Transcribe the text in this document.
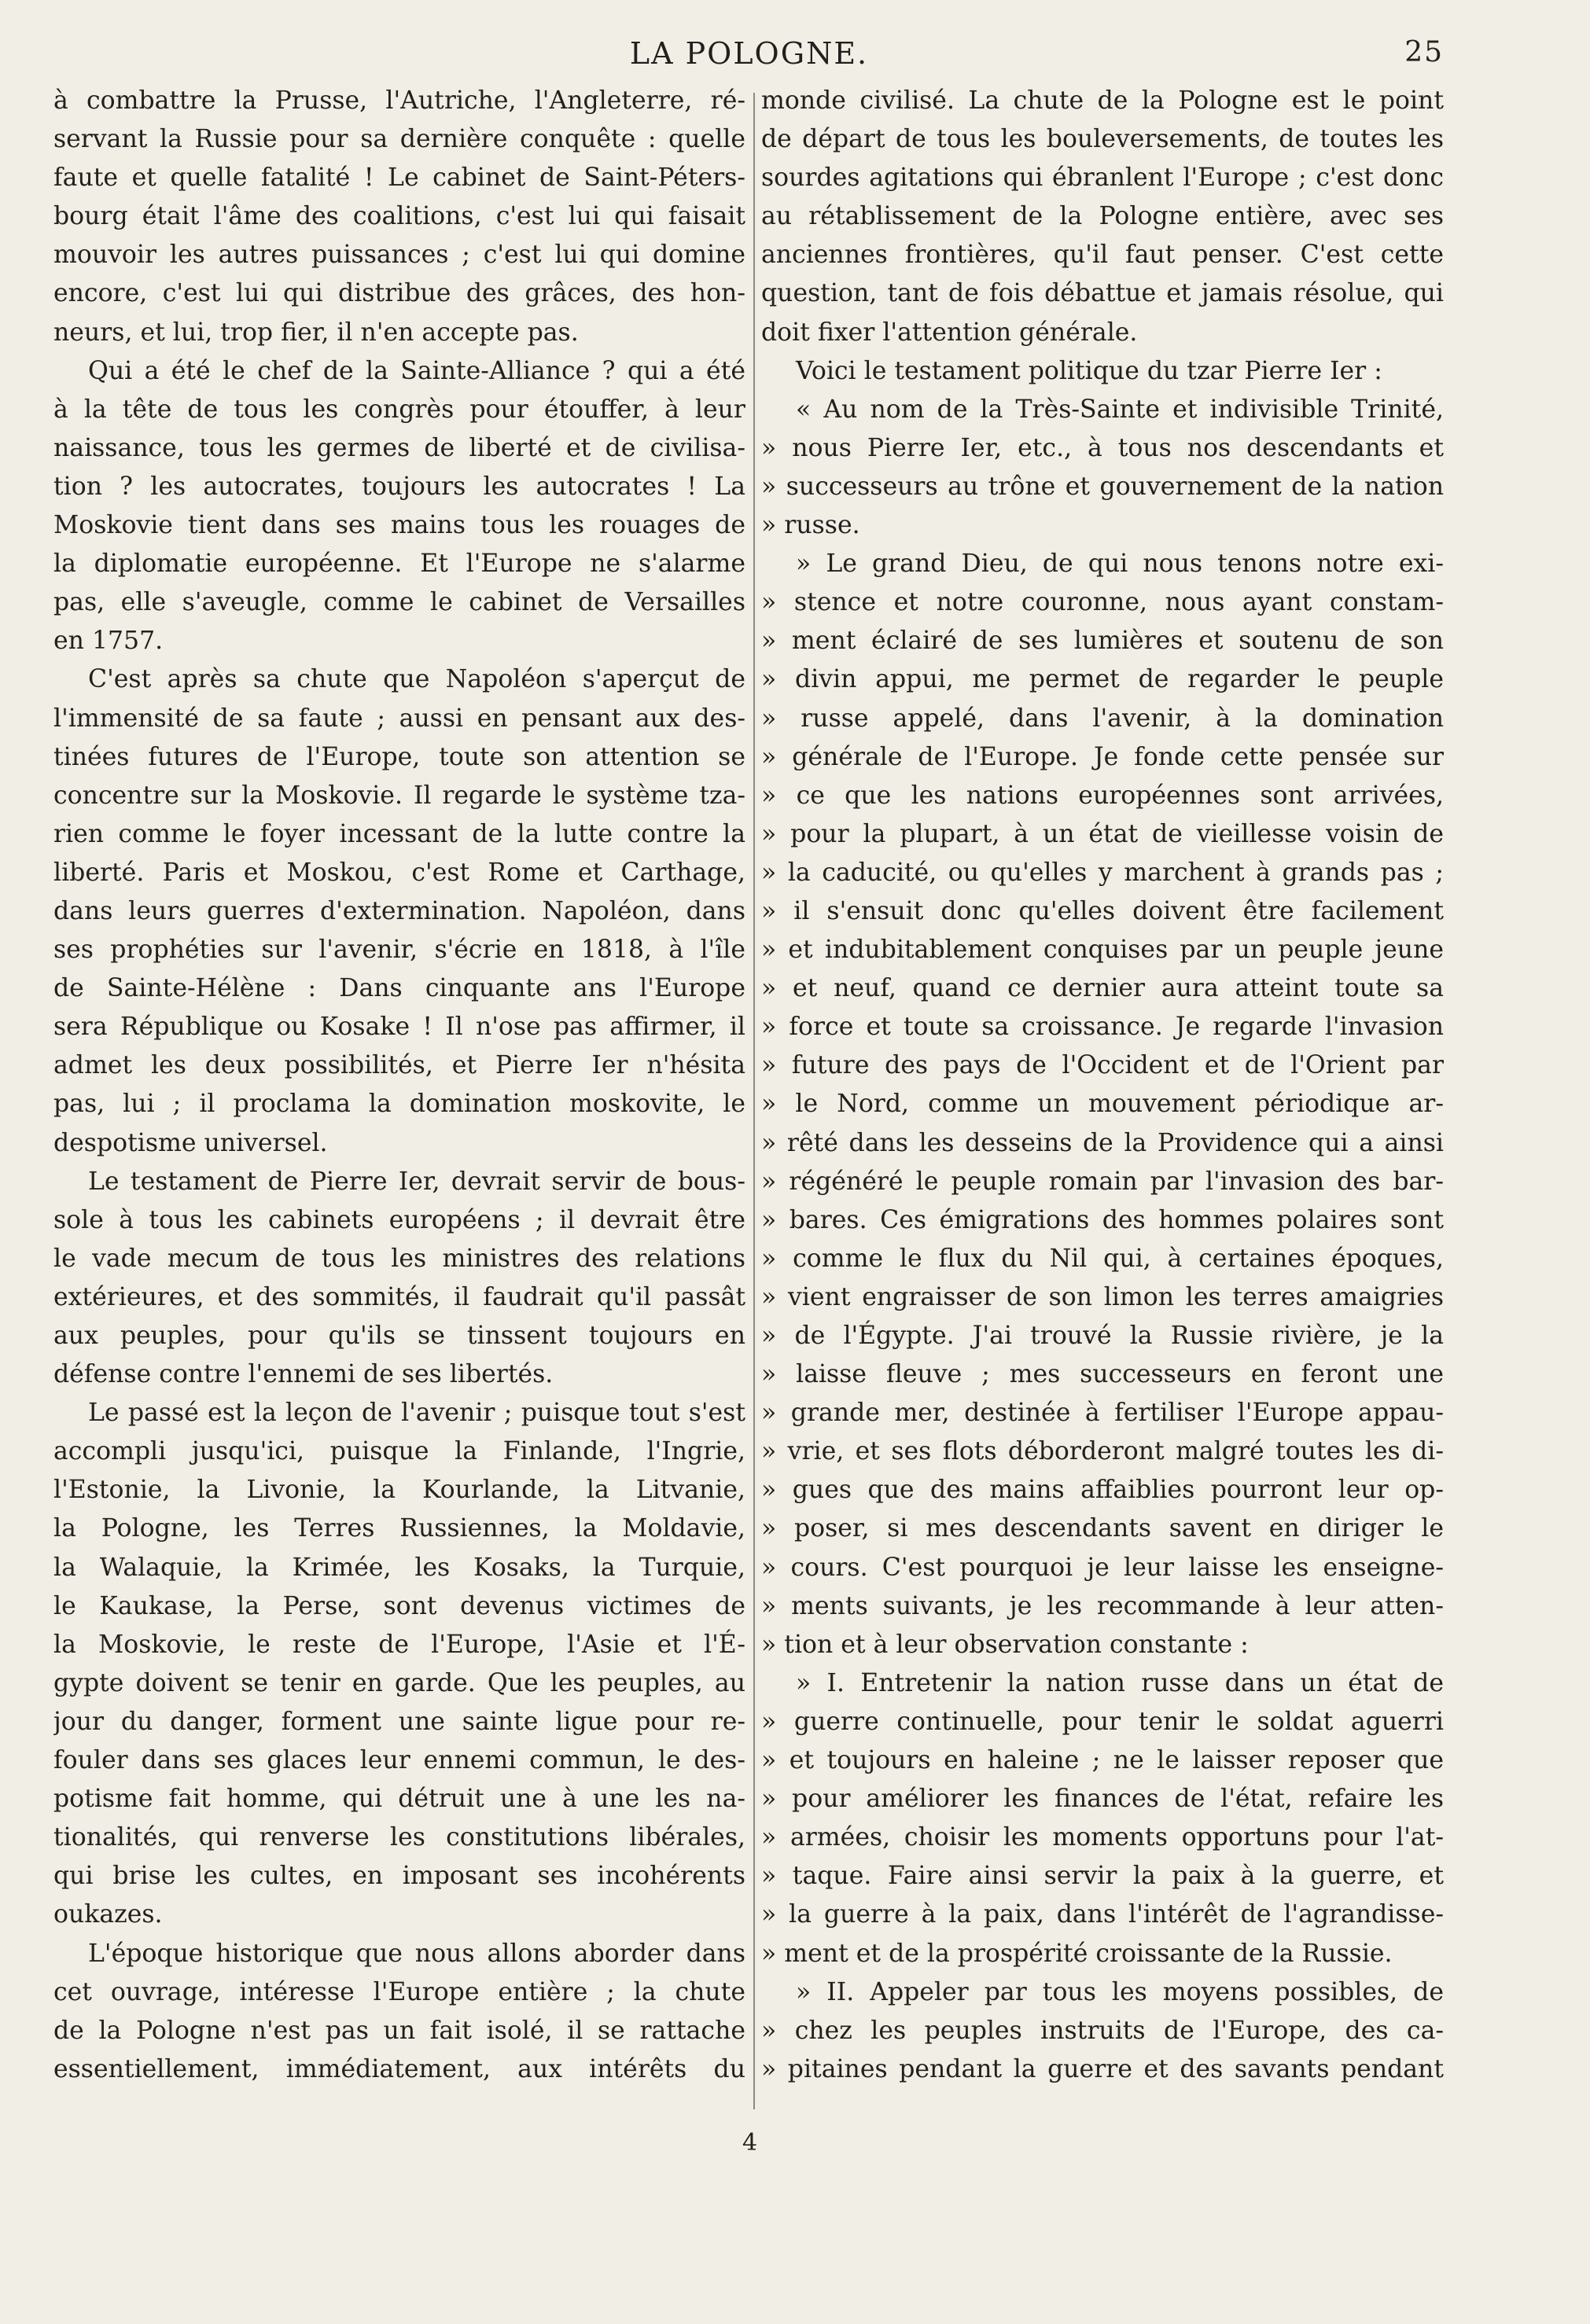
LA POLOGNE.	25
à combattre la Prusse, l'Autriche, l'Angleterre, ré-
servant la Russie pour sa dernière conquête : quelle
faute et quelle fatalité ! Le cabinet de Saint-Péters-
bourg était l'âme des coalitions, c'est lui qui faisait
mouvoir les autres puissances ; c'est lui qui domine
encore, c'est lui qui distribue des grâces, des hon-
neurs, et lui, trop fier, il n'en accepte pas.
Qui a été le chef de la Sainte-Alliance ? qui a été
à la tête de tous les congrès pour étouffer, à leur
naissance, tous les germes de liberté et de civilisa-
tion ? les autocrates, toujours les autocrates ! La
Moskovie tient dans ses mains tous les rouages de
la diplomatie européenne. Et l'Europe ne s'alarme
pas, elle s'aveugle, comme le cabinet de Versailles
en 1757.
C'est après sa chute que Napoléon s'aperçut de
l'immensité de sa faute ; aussi en pensant aux des-
tinées futures de l'Europe, toute son attention se
concentre sur la Moskovie. Il regarde le système tza-
rien comme le foyer incessant de la lutte contre la
liberté. Paris et Moskou, c'est Rome et Carthage,
dans leurs guerres d'extermination. Napoléon, dans
ses prophéties sur l'avenir, s'écrie en 1818, à l'île
de Sainte-Hélène : Dans cinquante ans l'Europe
sera République ou Kosake ! Il n'ose pas affirmer, il
admet les deux possibilités, et Pierre Ier n'hésita
pas, lui ; il proclama la domination moskovite, le
despotisme universel.
Le testament de Pierre Ier, devrait servir de bous-
sole à tous les cabinets européens ; il devrait être
le vade mecum de tous les ministres des relations
extérieures, et des sommités, il faudrait qu'il passât
aux peuples, pour qu'ils se tinssent toujours en
défense contre l'ennemi de ses libertés.
Le passé est la leçon de l'avenir ; puisque tout s'est
accompli jusqu'ici, puisque la Finlande, l'Ingrie,
l'Estonie, la Livonie, la Kourlande, la Litvanie,
la Pologne, les Terres Russiennes, la Moldavie,
la Walaquie, la Krimée, les Kosaks, la Turquie,
le Kaukase, la Perse, sont devenus victimes de
la Moskovie, le reste de l'Europe, l'Asie et l'É-
gypte doivent se tenir en garde. Que les peuples, au
jour du danger, forment une sainte ligue pour re-
fouler dans ses glaces leur ennemi commun, le des-
potisme fait homme, qui détruit une à une les na-
tionalités, qui renverse les constitutions libérales,
qui brise les cultes, en imposant ses incohérents
oukazes.
L'époque historique que nous allons aborder dans
cet ouvrage, intéresse l'Europe entière ; la chute
de la Pologne n'est pas un fait isolé, il se rattache
essentiellement, immédiatement, aux intérêts du
monde civilisé. La chute de la Pologne est le point
de départ de tous les bouleversements, de toutes les
sourdes agitations qui ébranlent l'Europe ; c'est donc
au rétablissement de la Pologne entière, avec ses
anciennes frontières, qu'il faut penser. C'est cette
question, tant de fois débattue et jamais résolue, qui
doit fixer l'attention générale.
Voici le testament politique du tzar Pierre Ier :
« Au nom de la Très-Sainte et indivisible Trinité,
» nous Pierre Ier, etc., à tous nos descendants et
» successeurs au trône et gouvernement de la nation
» russe.
» Le grand Dieu, de qui nous tenons notre exi-
» stence et notre couronne, nous ayant constam-
» ment éclairé de ses lumières et soutenu de son
» divin appui, me permet de regarder le peuple
» russe appelé, dans l'avenir, à la domination
» générale de l'Europe. Je fonde cette pensée sur
» ce que les nations européennes sont arrivées,
» pour la plupart, à un état de vieillesse voisin de
» la caducité, ou qu'elles y marchent à grands pas ;
» il s'ensuit donc qu'elles doivent être facilement
» et indubitablement conquises par un peuple jeune
» et neuf, quand ce dernier aura atteint toute sa
» force et toute sa croissance. Je regarde l'invasion
» future des pays de l'Occident et de l'Orient par
» le Nord, comme un mouvement périodique ar-
» rêté dans les desseins de la Providence qui a ainsi
» régénéré le peuple romain par l'invasion des bar-
» bares. Ces émigrations des hommes polaires sont
» comme le flux du Nil qui, à certaines époques,
» vient engraisser de son limon les terres amaigries
» de l'Égypte. J'ai trouvé la Russie rivière, je la
» laisse fleuve ; mes successeurs en feront une
» grande mer, destinée à fertiliser l'Europe appau-
» vrie, et ses flots déborderont malgré toutes les di-
» gues que des mains affaiblies pourront leur op-
» poser, si mes descendants savent en diriger le
» cours. C'est pourquoi je leur laisse les enseigne-
» ments suivants, je les recommande à leur atten-
» tion et à leur observation constante :
» I. Entretenir la nation russe dans un état de
» guerre continuelle, pour tenir le soldat aguerri
» et toujours en haleine ; ne le laisser reposer que
» pour améliorer les finances de l'état, refaire les
» armées, choisir les moments opportuns pour l'at-
» taque. Faire ainsi servir la paix à la guerre, et
» la guerre à la paix, dans l'intérêt de l'agrandisse-
» ment et de la prospérité croissante de la Russie.
» II. Appeler par tous les moyens possibles, de
» chez les peuples instruits de l'Europe, des ca-
» pitaines pendant la guerre et des savants pendant
4
